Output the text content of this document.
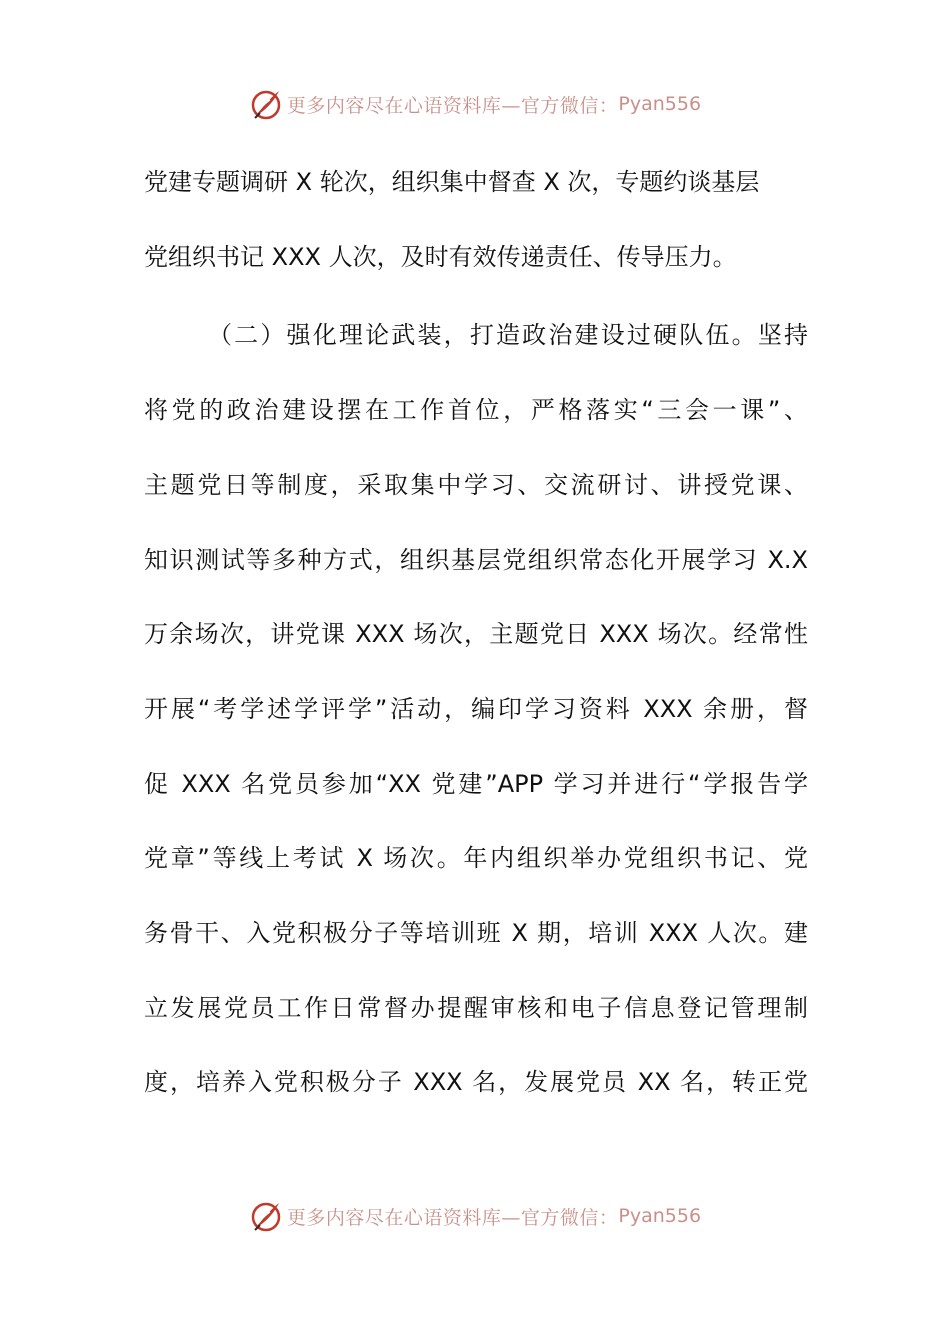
更多内容尽在心语资料库—官方微信： Pyan556
党建专题调研 X 轮次，组织集中督查 X 次，专题约谈基层
党组织书记 XXX 人次，及时有效传递责任、传导压力。
（二）强化理论武装，打造政治建设过硬队伍。坚持
将党的政治建设摆在工作首位，严格落实“三会一课”、
主题党日等制度，采取集中学习、交流研讨、讲授党课、
知识测试等多种方式，组织基层党组织常态化开展学习 X.X
万余场次，讲党课 XXX 场次，主题党日 XXX 场次。经常性
开展“考学述学评学”活动，编印学习资料 XXX 余册，督
促 XXX 名党员参加“XX 党建”APP 学习并进行“学报告学
党章”等线上考试 X 场次。年内组织举办党组织书记、党
务骨干、入党积极分子等培训班 X 期，培训 XXX 人次。建
立发展党员工作日常督办提醒审核和电子信息登记管理制
度，培养入党积极分子 XXX 名，发展党员 XX 名，转正党
更多内容尽在心语资料库—官方微信： Pyan556
